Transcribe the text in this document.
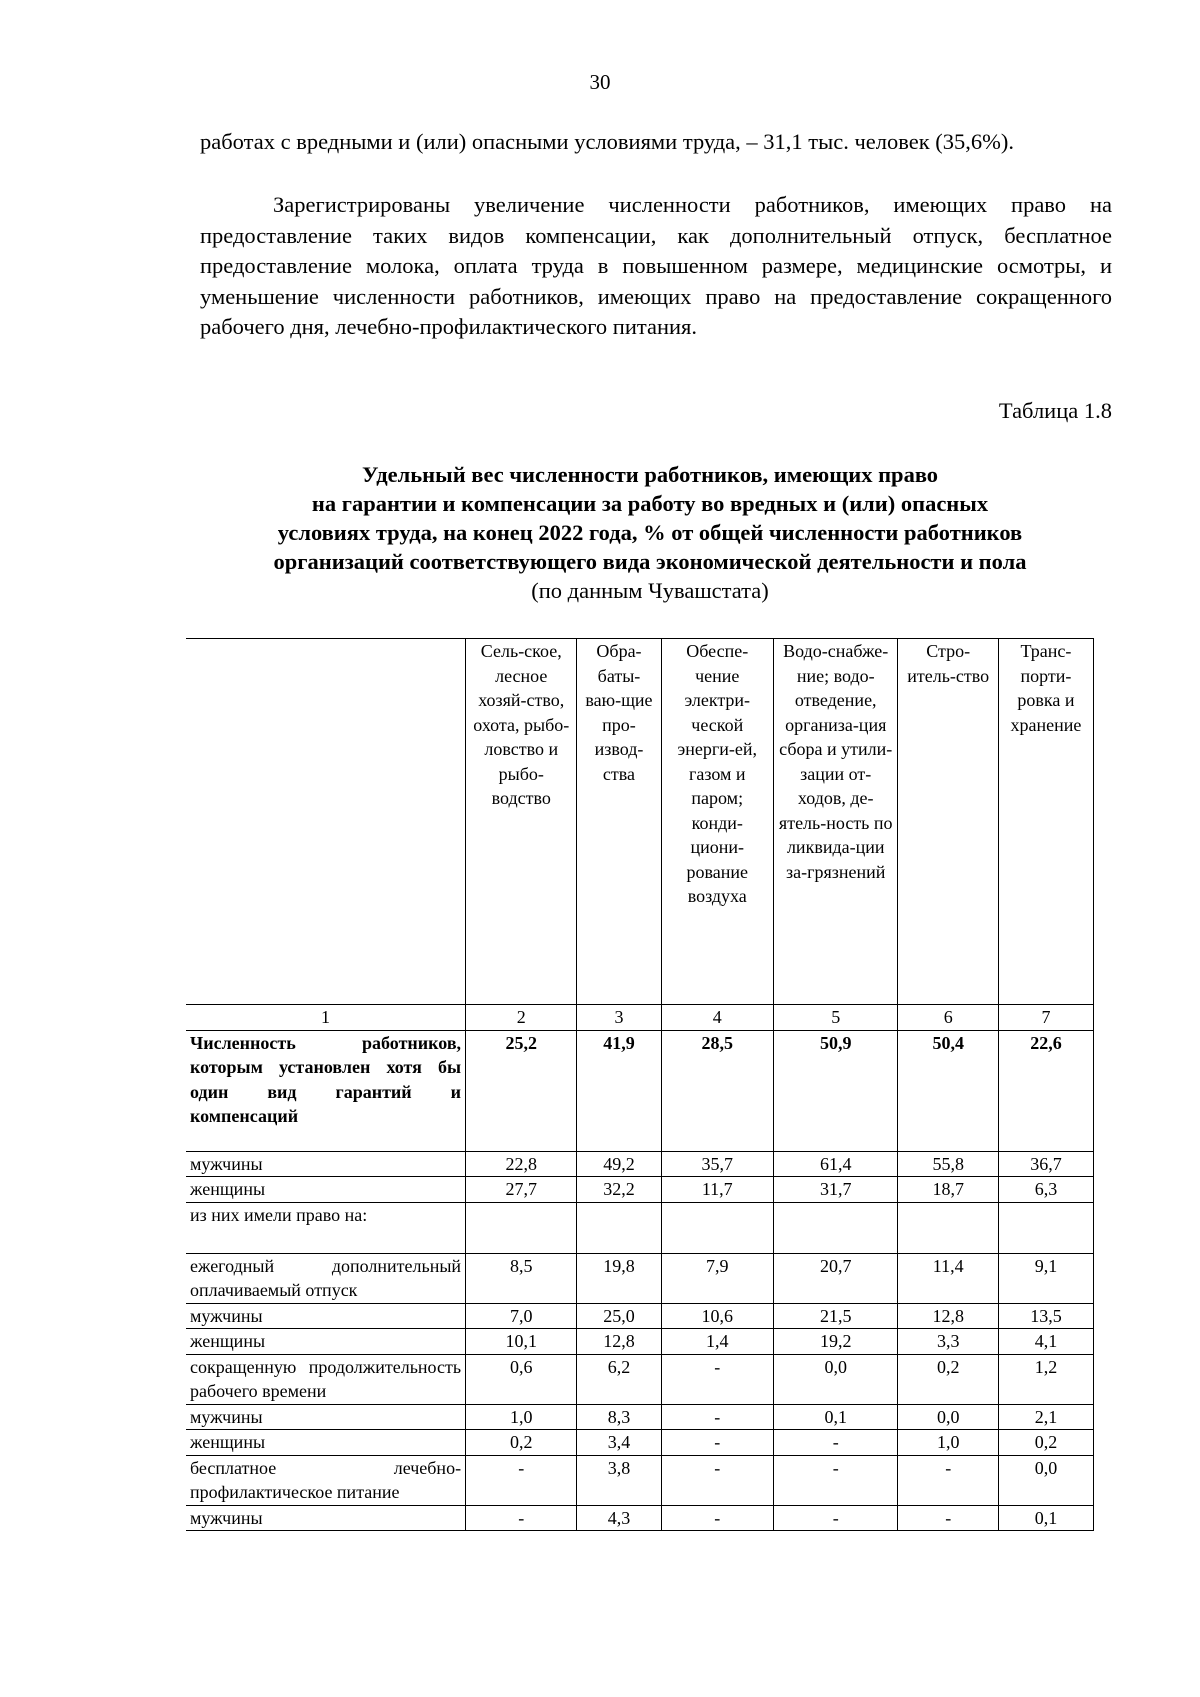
30

работах с вредными и (или) опасными условиями труда, – 31,1 тыс. человек (35,6%).

Зарегистрированы увеличение численности работников, имеющих право на предоставление таких видов компенсации, как дополнительный отпуск, бесплатное предоставление молока, оплата труда в повышенном размере, медицинские осмотры, и уменьшение численности работников, имеющих право на предоставление сокращенного рабочего дня, лечебно-профилактического питания.

Таблица 1.8
Удельный вес численности работников, имеющих право
на гарантии и компенсации за работу во вредных и (или) опасных
условиях труда, на конец 2022 года, % от общей численности работников
организаций соответствующего вида экономической деятельности и пола
(по данным Чувашстата)
	Сель-ское, лесное хозяй-ство, охота, рыбо-ловство и рыбо-водство	Обра-баты-ваю-щие про-извод-ства	Обеспе-чение электри-ческой энерги-ей, газом и паром; конди-циони-рование воздуха	Водо-снабже-ние; водо-отведение, организа-ция сбора и утили-зации от-ходов, де-ятель-ность по ликвида-ции за-грязнений	Стро-итель-ство	Транс-порти-ровка и хранение
1	2	3	4	5	6	7
Численность работников, которым установлен хотя бы один вид гарантий и компенсаций	25,2	41,9	28,5	50,9	50,4	22,6
мужчины	22,8	49,2	35,7	61,4	55,8	36,7
женщины	27,7	32,2	11,7	31,7	18,7	6,3
из них имели право на:						
ежегодный дополнительный оплачиваемый отпуск	8,5	19,8	7,9	20,7	11,4	9,1
мужчины	7,0	25,0	10,6	21,5	12,8	13,5
женщины	10,1	12,8	1,4	19,2	3,3	4,1
сокращенную продолжительность рабочего времени	0,6	6,2	-	0,0	0,2	1,2
мужчины	1,0	8,3	-	0,1	0,0	2,1
женщины	0,2	3,4	-	-	1,0	0,2
бесплатное лечебно-профилактическое питание	-	3,8	-	-	-	0,0
мужчины	-	4,3	-	-	-	0,1
